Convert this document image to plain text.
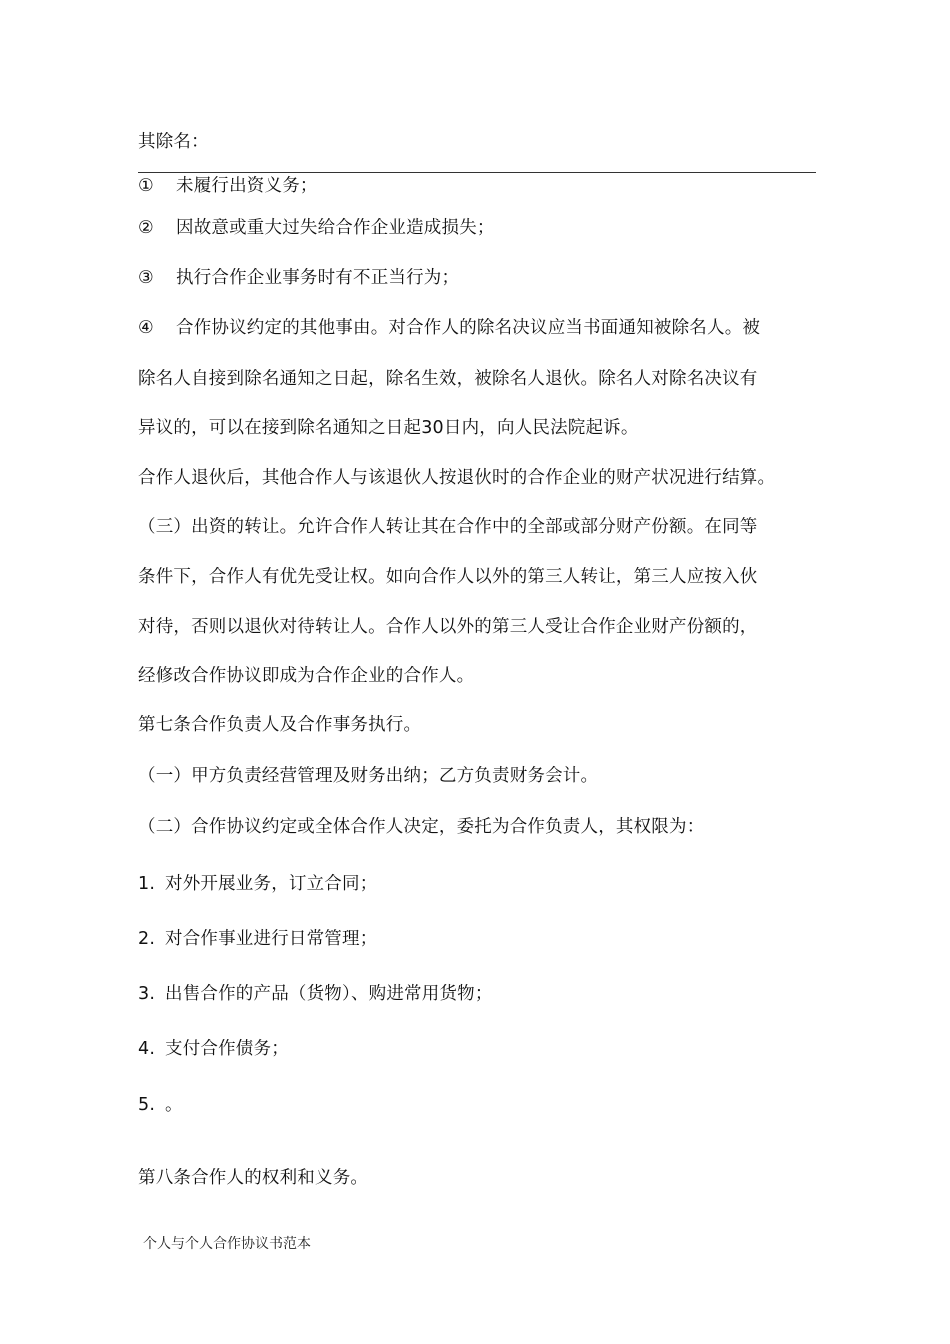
其除名：
① 未履行出资义务；
② 因故意或重大过失给合作企业造成损失；
③ 执行合作企业事务时有不正当行为；
④ 合作协议约定的其他事由。对合作人的除名决议应当书面通知被除名人。被
除名人自接到除名通知之日起，除名生效，被除名人退伙。除名人对除名决议有
异议的，可以在接到除名通知之日起30日内，向人民法院起诉。
合作人退伙后，其他合作人与该退伙人按退伙时的合作企业的财产状况进行结算。
（三）出资的转让。允许合作人转让其在合作中的全部或部分财产份额。在同等
条件下，合作人有优先受让权。如向合作人以外的第三人转让，第三人应按入伙
对待，否则以退伙对待转让人。合作人以外的第三人受让合作企业财产份额的，
经修改合作协议即成为合作企业的合作人。
第七条合作负责人及合作事务执行。
（一）甲方负责经营管理及财务出纳；乙方负责财务会计。
（二）合作协议约定或全体合作人决定，委托为合作负责人，其权限为：
1. 对外开展业务，订立合同；
2. 对合作事业进行日常管理；
3. 出售合作的产品（货物）、购进常用货物；
4. 支付合作债务；
5. 。
第八条合作人的权利和义务。
个人与个人合作协议书范本
